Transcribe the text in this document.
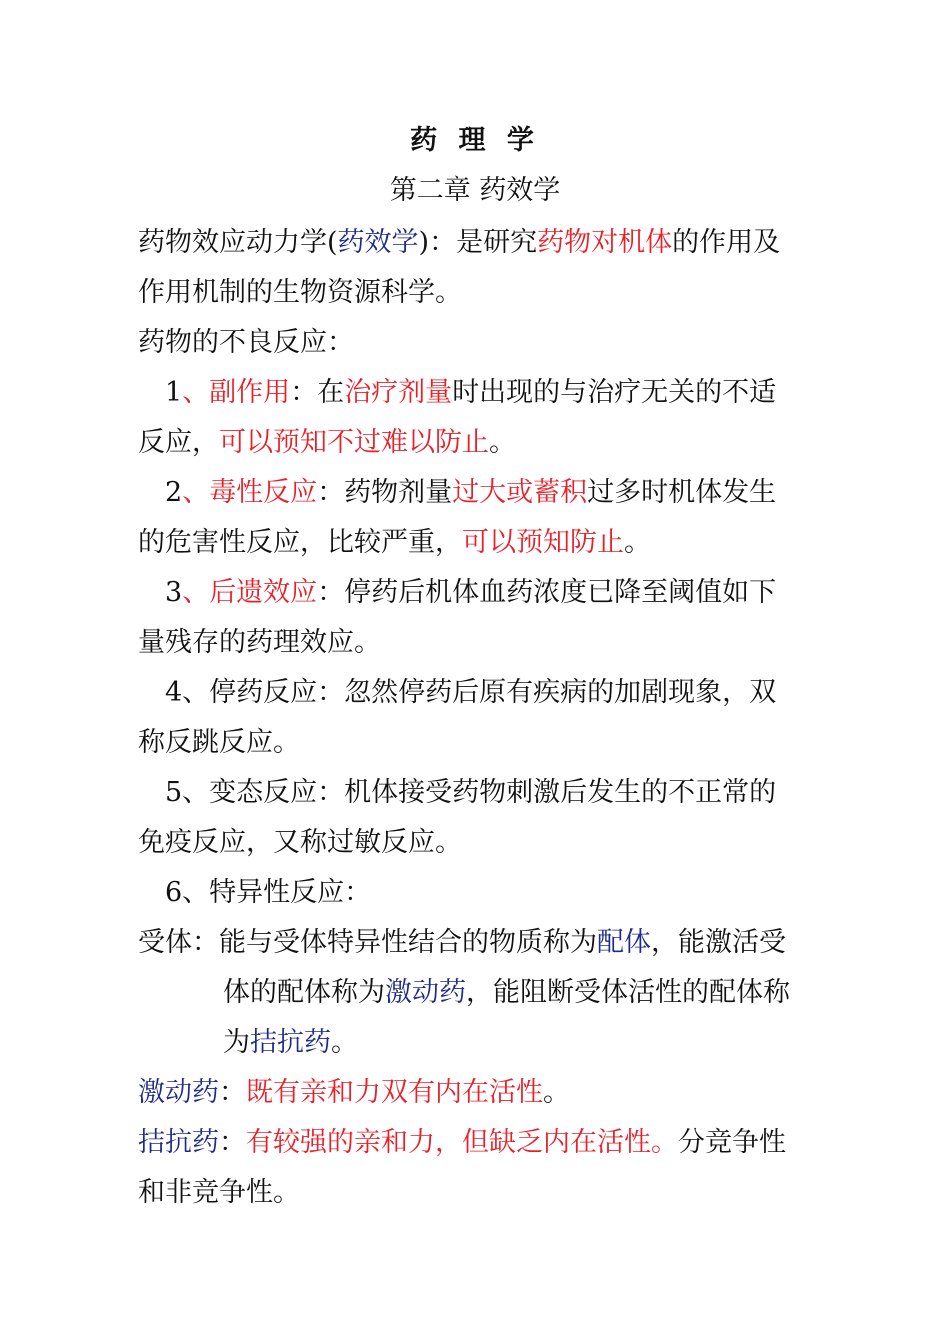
药 理 学
第二章 药效学
药物效应动力学(药效学)：是研究药物对机体的作用及
作用机制的生物资源科学。
药物的不良反应：
1、副作用：在治疗剂量时出现的与治疗无关的不适
反应，可以预知不过难以防止。
2、毒性反应：药物剂量过大或蓄积过多时机体发生
的危害性反应，比较严重，可以预知防止。
3、后遗效应：停药后机体血药浓度已降至阈值如下
量残存的药理效应。
4、停药反应：忽然停药后原有疾病的加剧现象，双
称反跳反应。
5、变态反应：机体接受药物刺激后发生的不正常的
免疫反应，又称过敏反应。
6、特异性反应：
受体：能与受体特异性结合的物质称为配体，能激活受
体的配体称为激动药，能阻断受体活性的配体称
为拮抗药。
激动药：既有亲和力双有内在活性。
拮抗药：有较强的亲和力，但缺乏内在活性。分竞争性
和非竞争性。
